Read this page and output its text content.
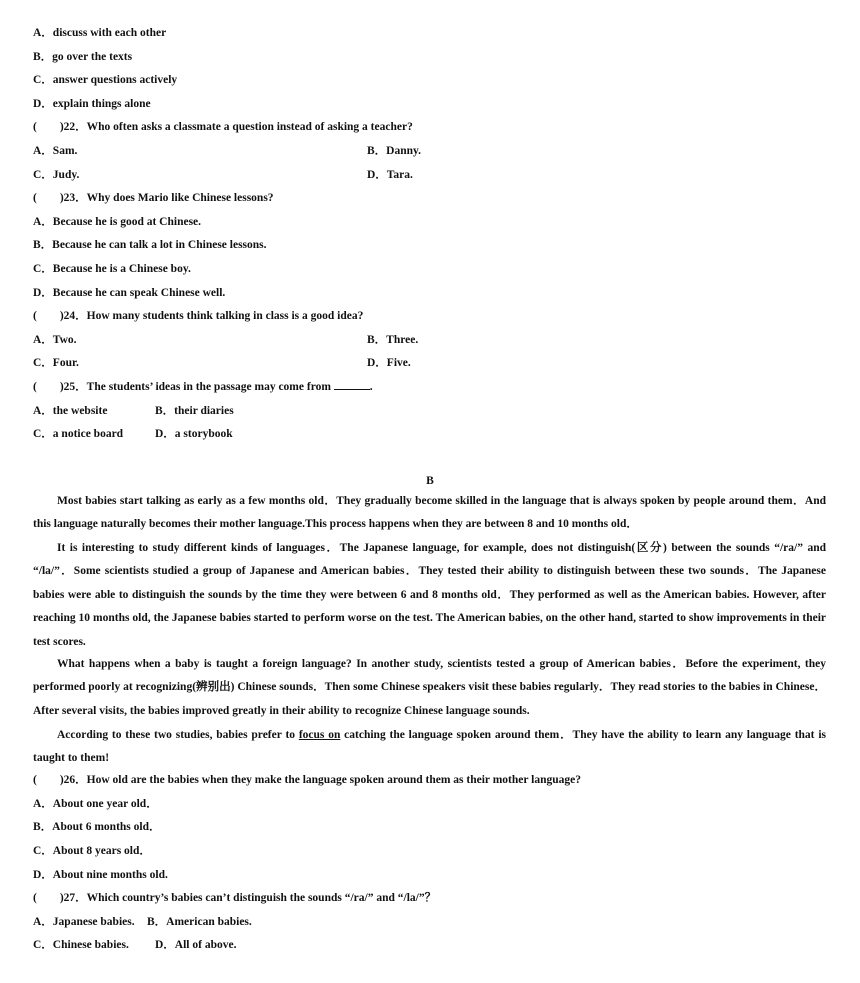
A．discuss with each other
B．go over the texts
C．answer questions actively
D．explain things alone
(　　)22．Who often asks a classmate a question instead of asking a teacher?
A．Sam.	B．Danny.
C．Judy.	D．Tara.
(　　)23．Why does Mario like Chinese lessons?
A．Because he is good at Chinese.
B．Because he can talk a lot in Chinese lessons.
C．Because he is a Chinese boy.
D．Because he can speak Chinese well.
(　　)24．How many students think talking in class is a good idea?
A．Two.	B．Three.
C．Four.	D．Five.
(　　)25．The students’ ideas in the passage may come from	.
A．the website	B．their diaries
C．a notice board	D．a storybook
B
Most babies start talking as early as a few months old．They gradually become skilled in the language that is always spoken by people around them．And this language naturally becomes their mother language.This process happens when they are between 8 and 10 months old．
It is interesting to study different kinds of languages．The Japanese language, for example, does not distinguish(区分) between the sounds “/ra/” and “/la/”．Some scientists studied a group of Japanese and American babies．They tested their ability to distinguish between these two sounds．The Japanese babies were able to distinguish the sounds by the time they were between 6 and 8 months old．They performed as well as the American babies. However, after reaching 10 months old, the Japanese babies started to perform worse on the test. The American babies, on the other hand, started to show improvements in their test scores.
What happens when a baby is taught a foreign language? In another study, scientists tested a group of American babies．Before the experiment, they performed poorly at recognizing(辨别出) Chinese sounds．Then some Chinese speakers visit these babies regularly．They read stories to the babies in Chinese．After several visits, the babies improved greatly in their ability to recognize Chinese language sounds.
According to these two studies, babies prefer to focus on catching the language spoken around them．They have the ability to learn any language that is taught to them!
(　　)26．How old are the babies when they make the language spoken around them as their mother language?
A．About one year old．
B．About 6 months old．
C．About 8 years old．
D．About nine months old.
(　　)27．Which country’s babies can’t distinguish the sounds “/ra/” and “/la/”？
A．Japanese babies. B．American babies.
C．Chinese babies. D．All of above.
